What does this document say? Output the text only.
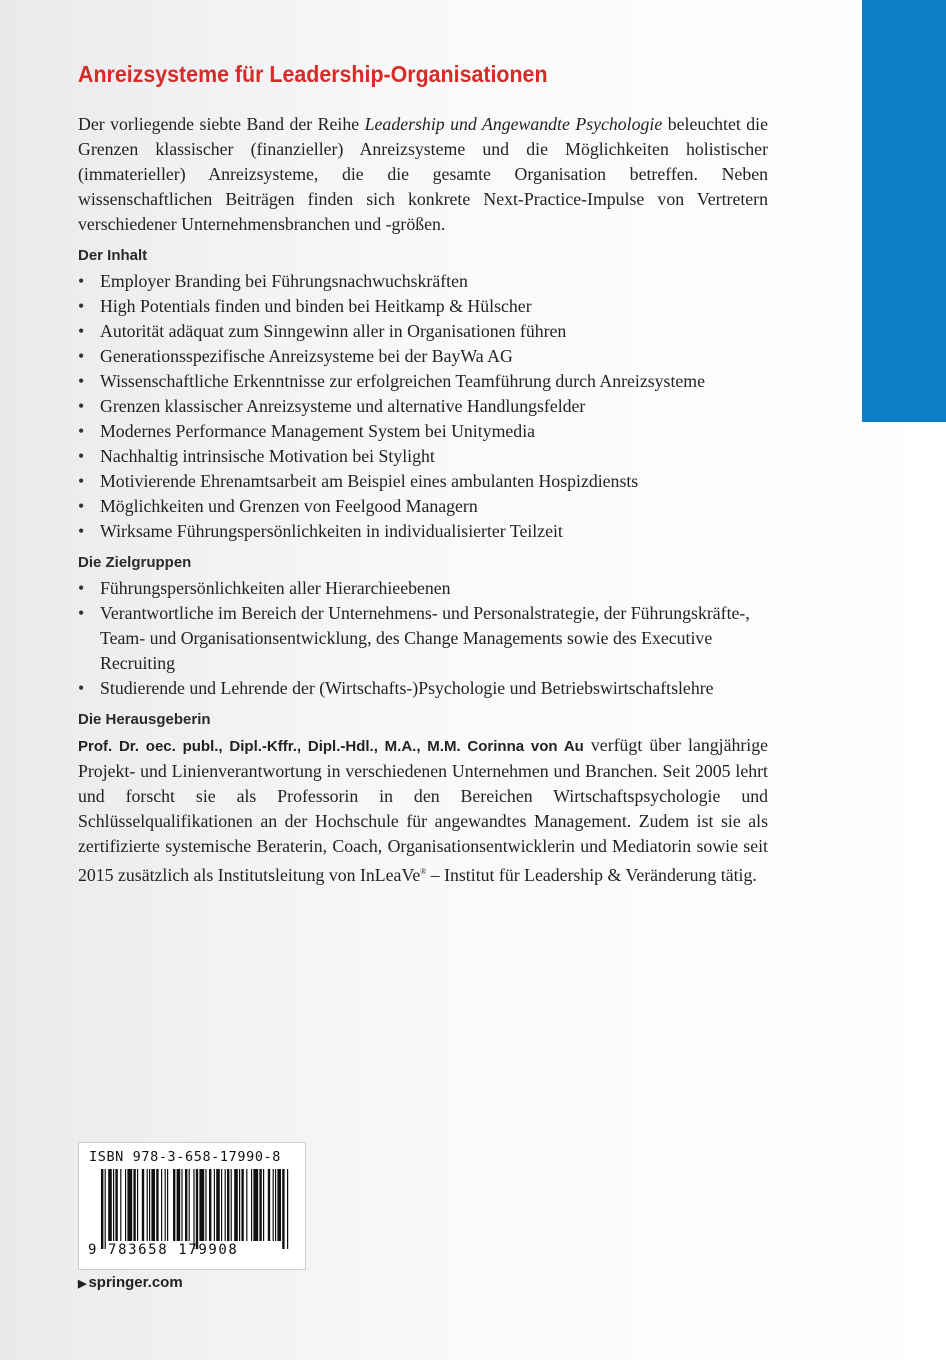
Anreizsysteme für Leadership-Organisationen

Der vorliegende siebte Band der Reihe Leadership und Angewandte Psychologie beleuchtet die Grenzen klassischer (finanzieller) Anreizsysteme und die Möglichkeiten holistischer (immaterieller) Anreizsysteme, die die gesamte Organisation betreffen. Neben wissenschaftlichen Beiträgen finden sich konkrete Next-Practice-Impulse von Vertretern verschiedener Unternehmensbranchen und -größen.

Der Inhalt
• Employer Branding bei Führungsnachwuchskräften
• High Potentials finden und binden bei Heitkamp & Hülscher
• Autorität adäquat zum Sinngewinn aller in Organisationen führen
• Generationsspezifische Anreizsysteme bei der BayWa AG
• Wissenschaftliche Erkenntnisse zur erfolgreichen Teamführung durch Anreizsysteme
• Grenzen klassischer Anreizsysteme und alternative Handlungsfelder
• Modernes Performance Management System bei Unitymedia
• Nachhaltig intrinsische Motivation bei Stylight
• Motivierende Ehrenamtsarbeit am Beispiel eines ambulanten Hospizdiensts
• Möglichkeiten und Grenzen von Feelgood Managern
• Wirksame Führungspersönlichkeiten in individualisierter Teilzeit
Die Zielgruppen
• Führungspersönlichkeiten aller Hierarchieebenen
• Verantwortliche im Bereich der Unternehmens- und Personalstrategie, der Führungskräfte-, Team- und Organisationsentwicklung, des Change Managements sowie des Executive Recruiting
• Studierende und Lehrende der (Wirtschafts-)Psychologie und Betriebswirtschaftslehre
Die Herausgeberin

Prof. Dr. oec. publ., Dipl.-Kffr., Dipl.-Hdl., M.A., M.M. Corinna von Au verfügt über langjährige Projekt- und Linienverantwortung in verschiedenen Unternehmen und Branchen. Seit 2005 lehrt und forscht sie als Professorin in den Bereichen Wirtschaftspsychologie und Schlüsselqualifikationen an der Hochschule für angewandtes Management. Zudem ist sie als zertifizierte systemische Beraterin, Coach, Organisationsentwicklerin und Mediatorin sowie seit 2015 zusätzlich als Institutsleitung von InLeaVe® – Institut für Leadership & Veränderung tätig.

ISBN 978-3-658-17990-8
9 783658 179908
▶ springer.com
